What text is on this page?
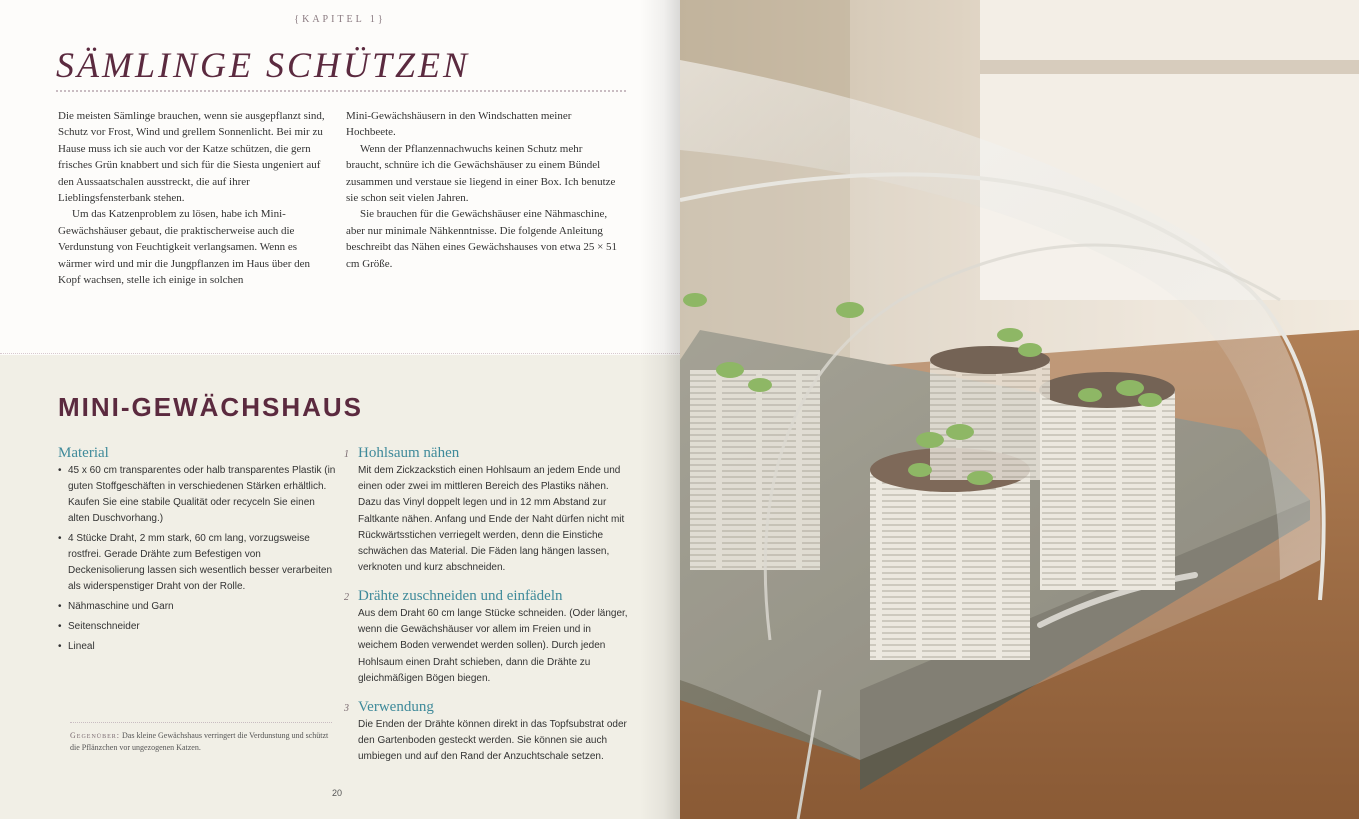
{KAPITEL 1}
SÄMLINGE SCHÜTZEN

Die meisten Sämlinge brauchen, wenn sie ausgepflanzt sind, Schutz vor Frost, Wind und grellem Sonnenlicht. Bei mir zu Hause muss ich sie auch vor der Katze schützen, die gern frisches Grün knabbert und sich für die Siesta ungeniert auf den Aussaatschalen ausstreckt, die auf ihrer Lieblingsfensterbank stehen.

Um das Katzenproblem zu lösen, habe ich Mini-Gewächshäuser gebaut, die praktischerweise auch die Verdunstung von Feuchtigkeit verlangsamen. Wenn es wärmer wird und mir die Jungpflanzen im Haus über den Kopf wachsen, stelle ich einige in solchen

Mini-Gewächshäusern in den Windschatten meiner Hochbeete.

Wenn der Pflanzennachwuchs keinen Schutz mehr braucht, schnüre ich die Gewächshäuser zu einem Bündel zusammen und verstaue sie liegend in einer Box. Ich benutze sie schon seit vielen Jahren.

Sie brauchen für die Gewächshäuser eine Nähmaschine, aber nur minimale Nähkenntnisse. Die folgende Anleitung beschreibt das Nähen eines Gewächshauses von etwa 25 × 51 cm Größe.

MINI-GEWÄCHSHAUS
Material
• 45 x 60 cm transparentes oder halb transparentes Plastik (in guten Stoffgeschäften in verschiedenen Stärken erhältlich. Kaufen Sie eine stabile Qualität oder recyceln Sie einen alten Duschvorhang.)
• 4 Stücke Draht, 2 mm stark, 60 cm lang, vorzugsweise rostfrei. Gerade Drähte zum Befestigen von Deckenisolierung lassen sich wesentlich besser verarbeiten als widerspenstiger Draht von der Rolle.
• Nähmaschine und Garn
• Seitenschneider
• Lineal
1 Hohlsaum nähen
Mit dem Zickzackstich einen Hohlsaum an jedem Ende und einen oder zwei im mittleren Bereich des Plastiks nähen. Dazu das Vinyl doppelt legen und in 12 mm Abstand zur Faltkante nähen. Anfang und Ende der Naht dürfen nicht mit Rückwärtsstichen verriegelt werden, denn die Einstiche schwächen das Material. Die Fäden lang hängen lassen, verknoten und kurz abschneiden.
2 Drähte zuschneiden und einfädeln
Aus dem Draht 60 cm lange Stücke schneiden. (Oder länger, wenn die Gewächshäuser vor allem im Freien und in weichem Boden verwendet werden sollen). Durch jeden Hohlsaum einen Draht schieben, dann die Drähte zu gleichmäßigen Bögen biegen.
3 Verwendung
Die Enden der Drähte können direkt in das Topfsubstrat oder den Gartenboden gesteckt werden. Sie können sie auch umbiegen und auf den Rand der Anzuchtschale setzen.
Gegenüber: Das kleine Gewächshaus verringert die Verdunstung und schützt die Pflänzchen vor ungezogenen Katzen.
20
